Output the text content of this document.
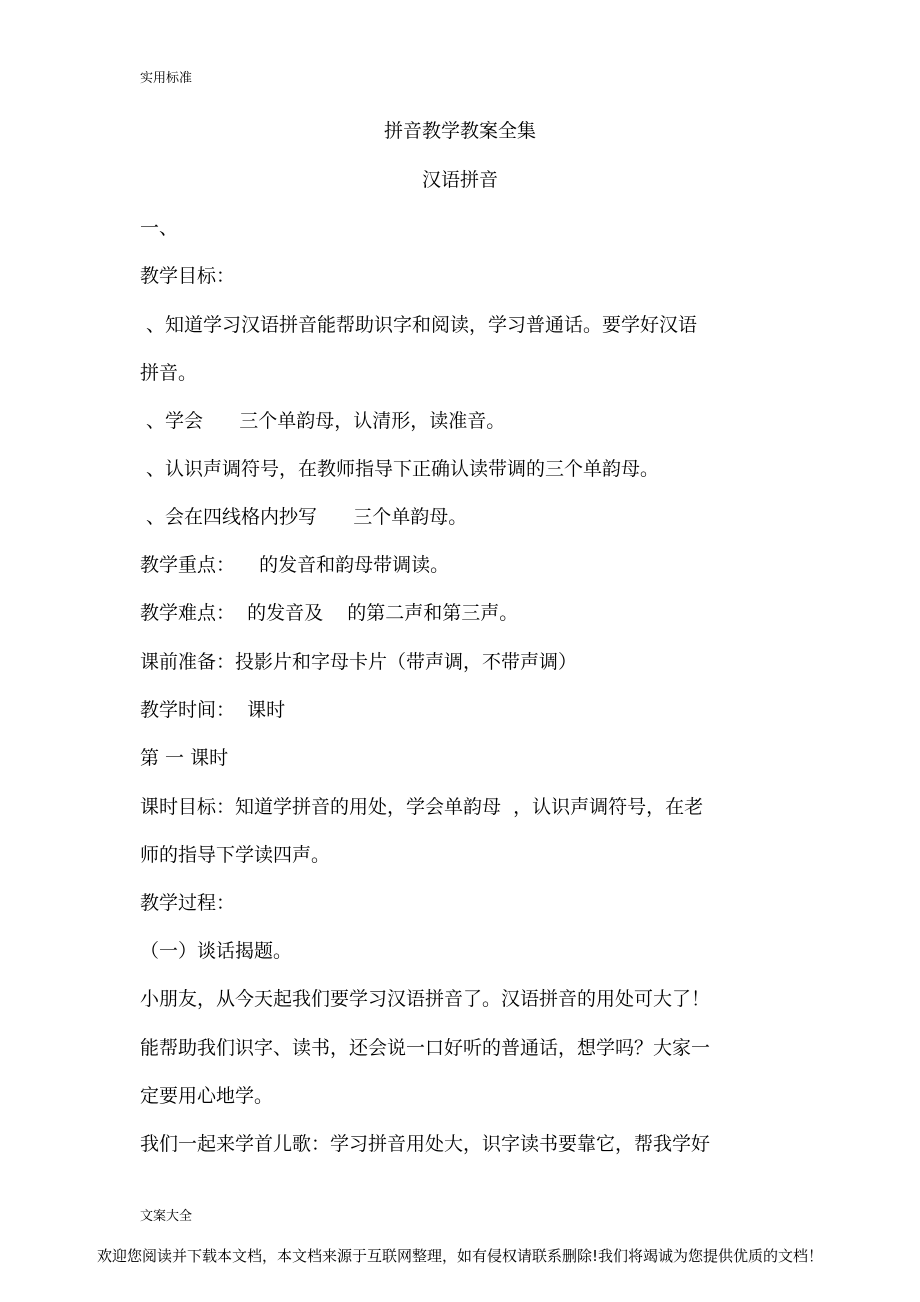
实用标准
拼音教学教案全集
汉语拼音
一、
教学目标：
、知道学习汉语拼音能帮助识字和阅读，学习普通话。要学好汉语
拼音。
、学会      三个单韵母，认清形，读准音。
、认识声调符号，在教师指导下正确认读带调的三个单韵母。
、会在四线格内抄写      三个单韵母。
教学重点：    的发音和韵母带调读。
教学难点：  的发音及    的第二声和第三声。
课前准备：投影片和字母卡片（带声调，不带声调）
教学时间：  课时
第 一 课时
课时目标：知道学拼音的用处，学会单韵母  ，认识声调符号，在老
师的指导下学读四声。
教学过程：
（一）谈话揭题。
小朋友，从今天起我们要学习汉语拼音了。汉语拼音的用处可大了！
能帮助我们识字、读书，还会说一口好听的普通话，想学吗？大家一
定要用心地学。
我们一起来学首儿歌：学习拼音用处大，识字读书要靠它，帮我学好
文案大全
欢迎您阅读并下载本文档，本文档来源于互联网整理，如有侵权请联系删除!我们将竭诚为您提供优质的文档！
